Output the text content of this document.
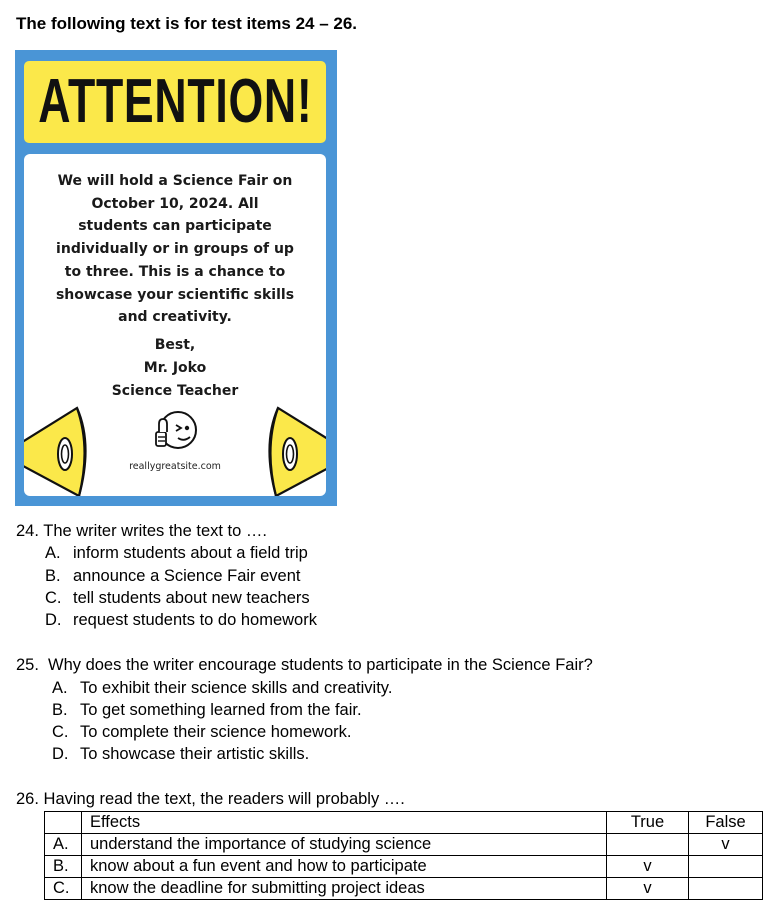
The following text is for test items 24 – 26.
ATTENTION!

We will hold a Science Fair on

October 10, 2024. All

students can participate

individually or in groups of up

to three. This is a chance to

showcase your scientific skills

and creativity.

Best,
Mr. Joko
Science Teacher
reallygreatsite.com
24. The writer writes the text to ….
A. inform students about a field trip
B. announce a Science Fair event
C. tell students about new teachers
D. request students to do homework
25. Why does the writer encourage students to participate in the Science Fair?
A. To exhibit their science skills and creativity.
B. To get something learned from the fair.
C. To complete their science homework.
D. To showcase their artistic skills.
26. Having read the text, the readers will probably ….
	Effects	True	False
A.	understand the importance of studying science		v
B.	know about a fun event and how to participate	v	
C.	know the deadline for submitting project ideas	v	
